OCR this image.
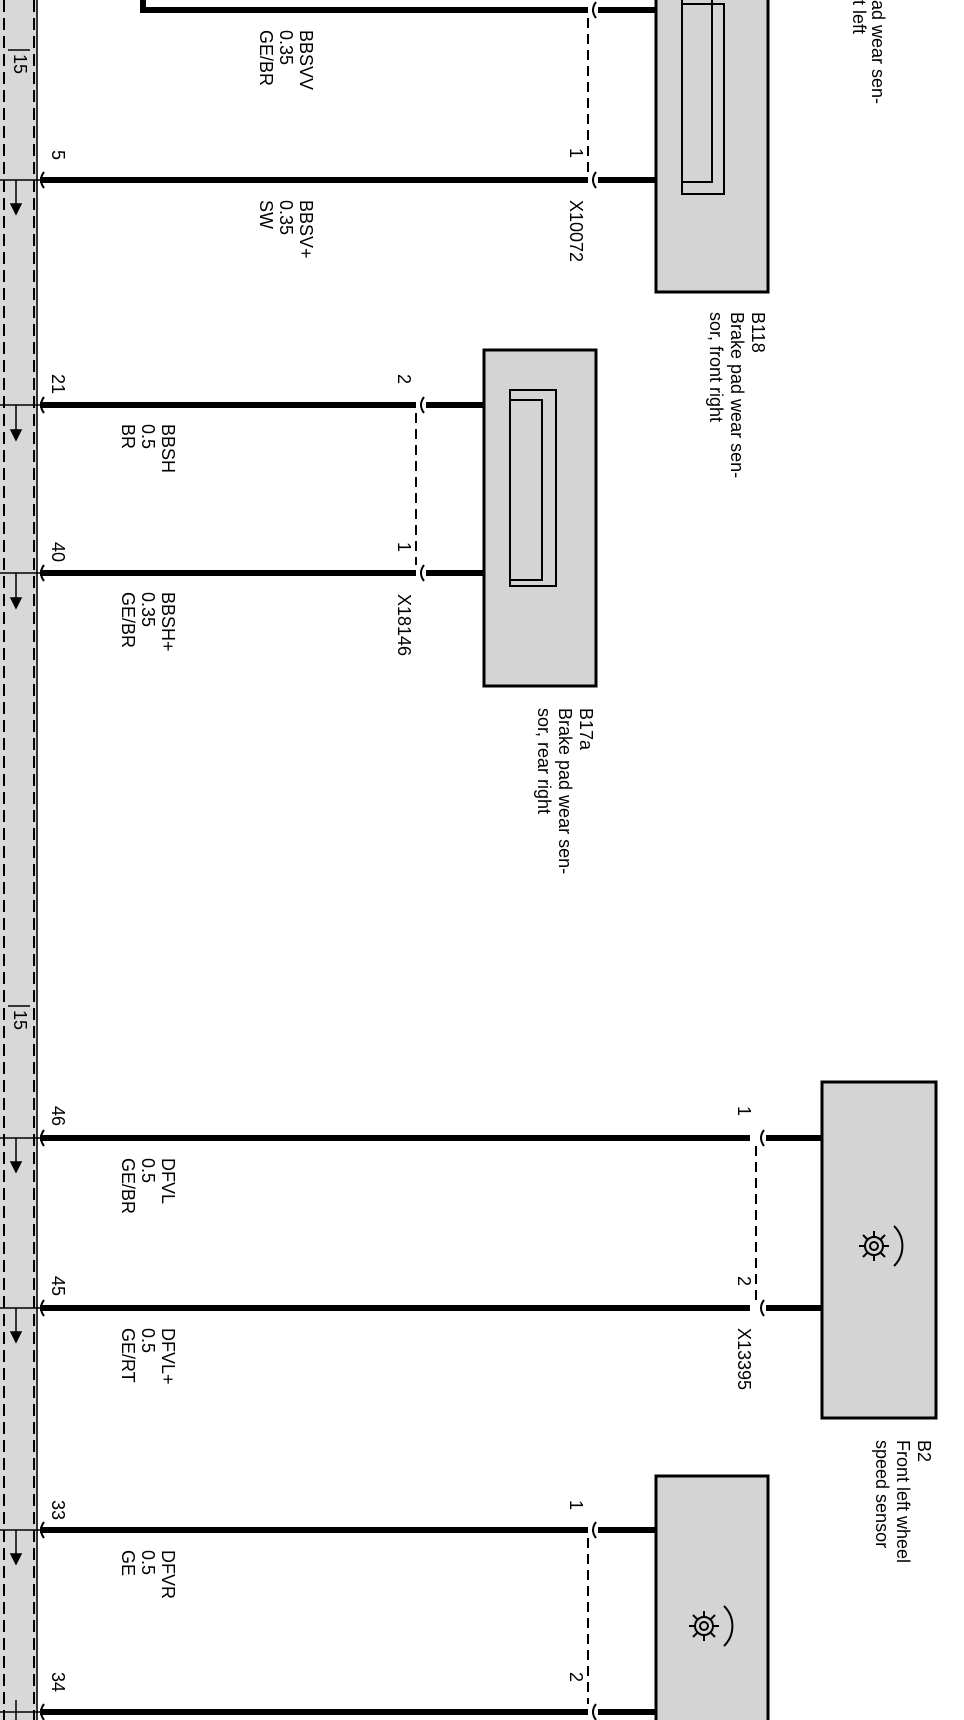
15
15
ad wear sen-
t left
B118
Brake pad wear sen-
sor, front right
B17a
Brake pad wear sen-
sor, rear right
B2
Front left wheel
speed sensor
X10072
X18146
X13395
1
2
1
1
2
1
2
5
21
40
46
45
33
34
BBSVV
0.35
GE/BR
BBSV+
0.35
SW
BBSH
0.5
BR
BBSH+
0.35
GE/BR
DFVL
0.5
GE/BR
DFVL+
0.5
GE/RT
DFVR
0.5
GE
